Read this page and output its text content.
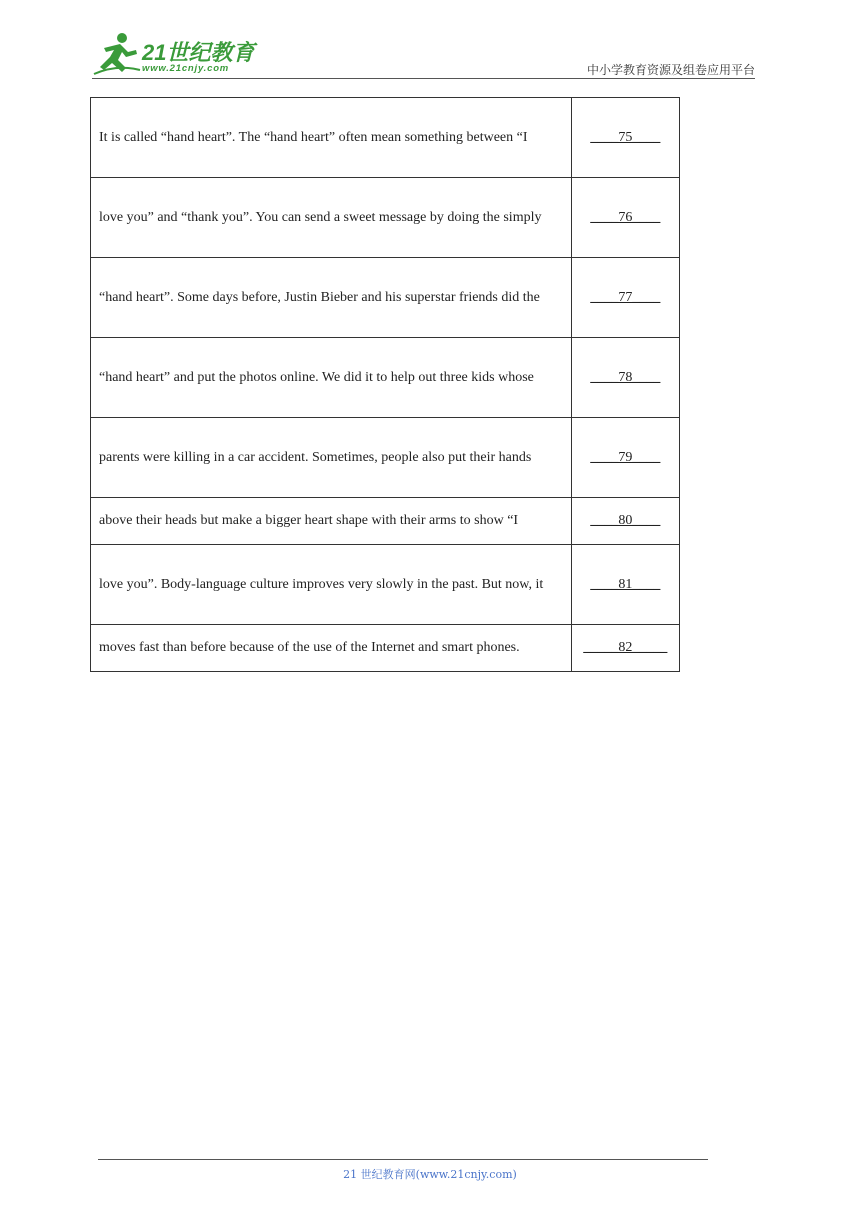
21世纪教育
www.21cnjy.com	中小学教育资源及组卷应用平台
It is called “hand heart”. The “hand heart” often mean something between “I	____75____
love you” and “thank you”. You can send a sweet message by doing the simply	____76____
“hand heart”. Some days before, Justin Bieber and his superstar friends did the	____77____
“hand heart” and put the photos online. We did it to help out three kids whose	____78____
parents were killing in a car accident. Sometimes, people also put their hands	____79____
above their heads but make a bigger heart shape with their arms to show “I	____80____
love you”. Body-language culture improves very slowly in the past. But now, it	____81____
moves fast than before because of the use of the Internet and smart phones.	_____82_____
21 世纪教育网(www.21cnjy.com)
